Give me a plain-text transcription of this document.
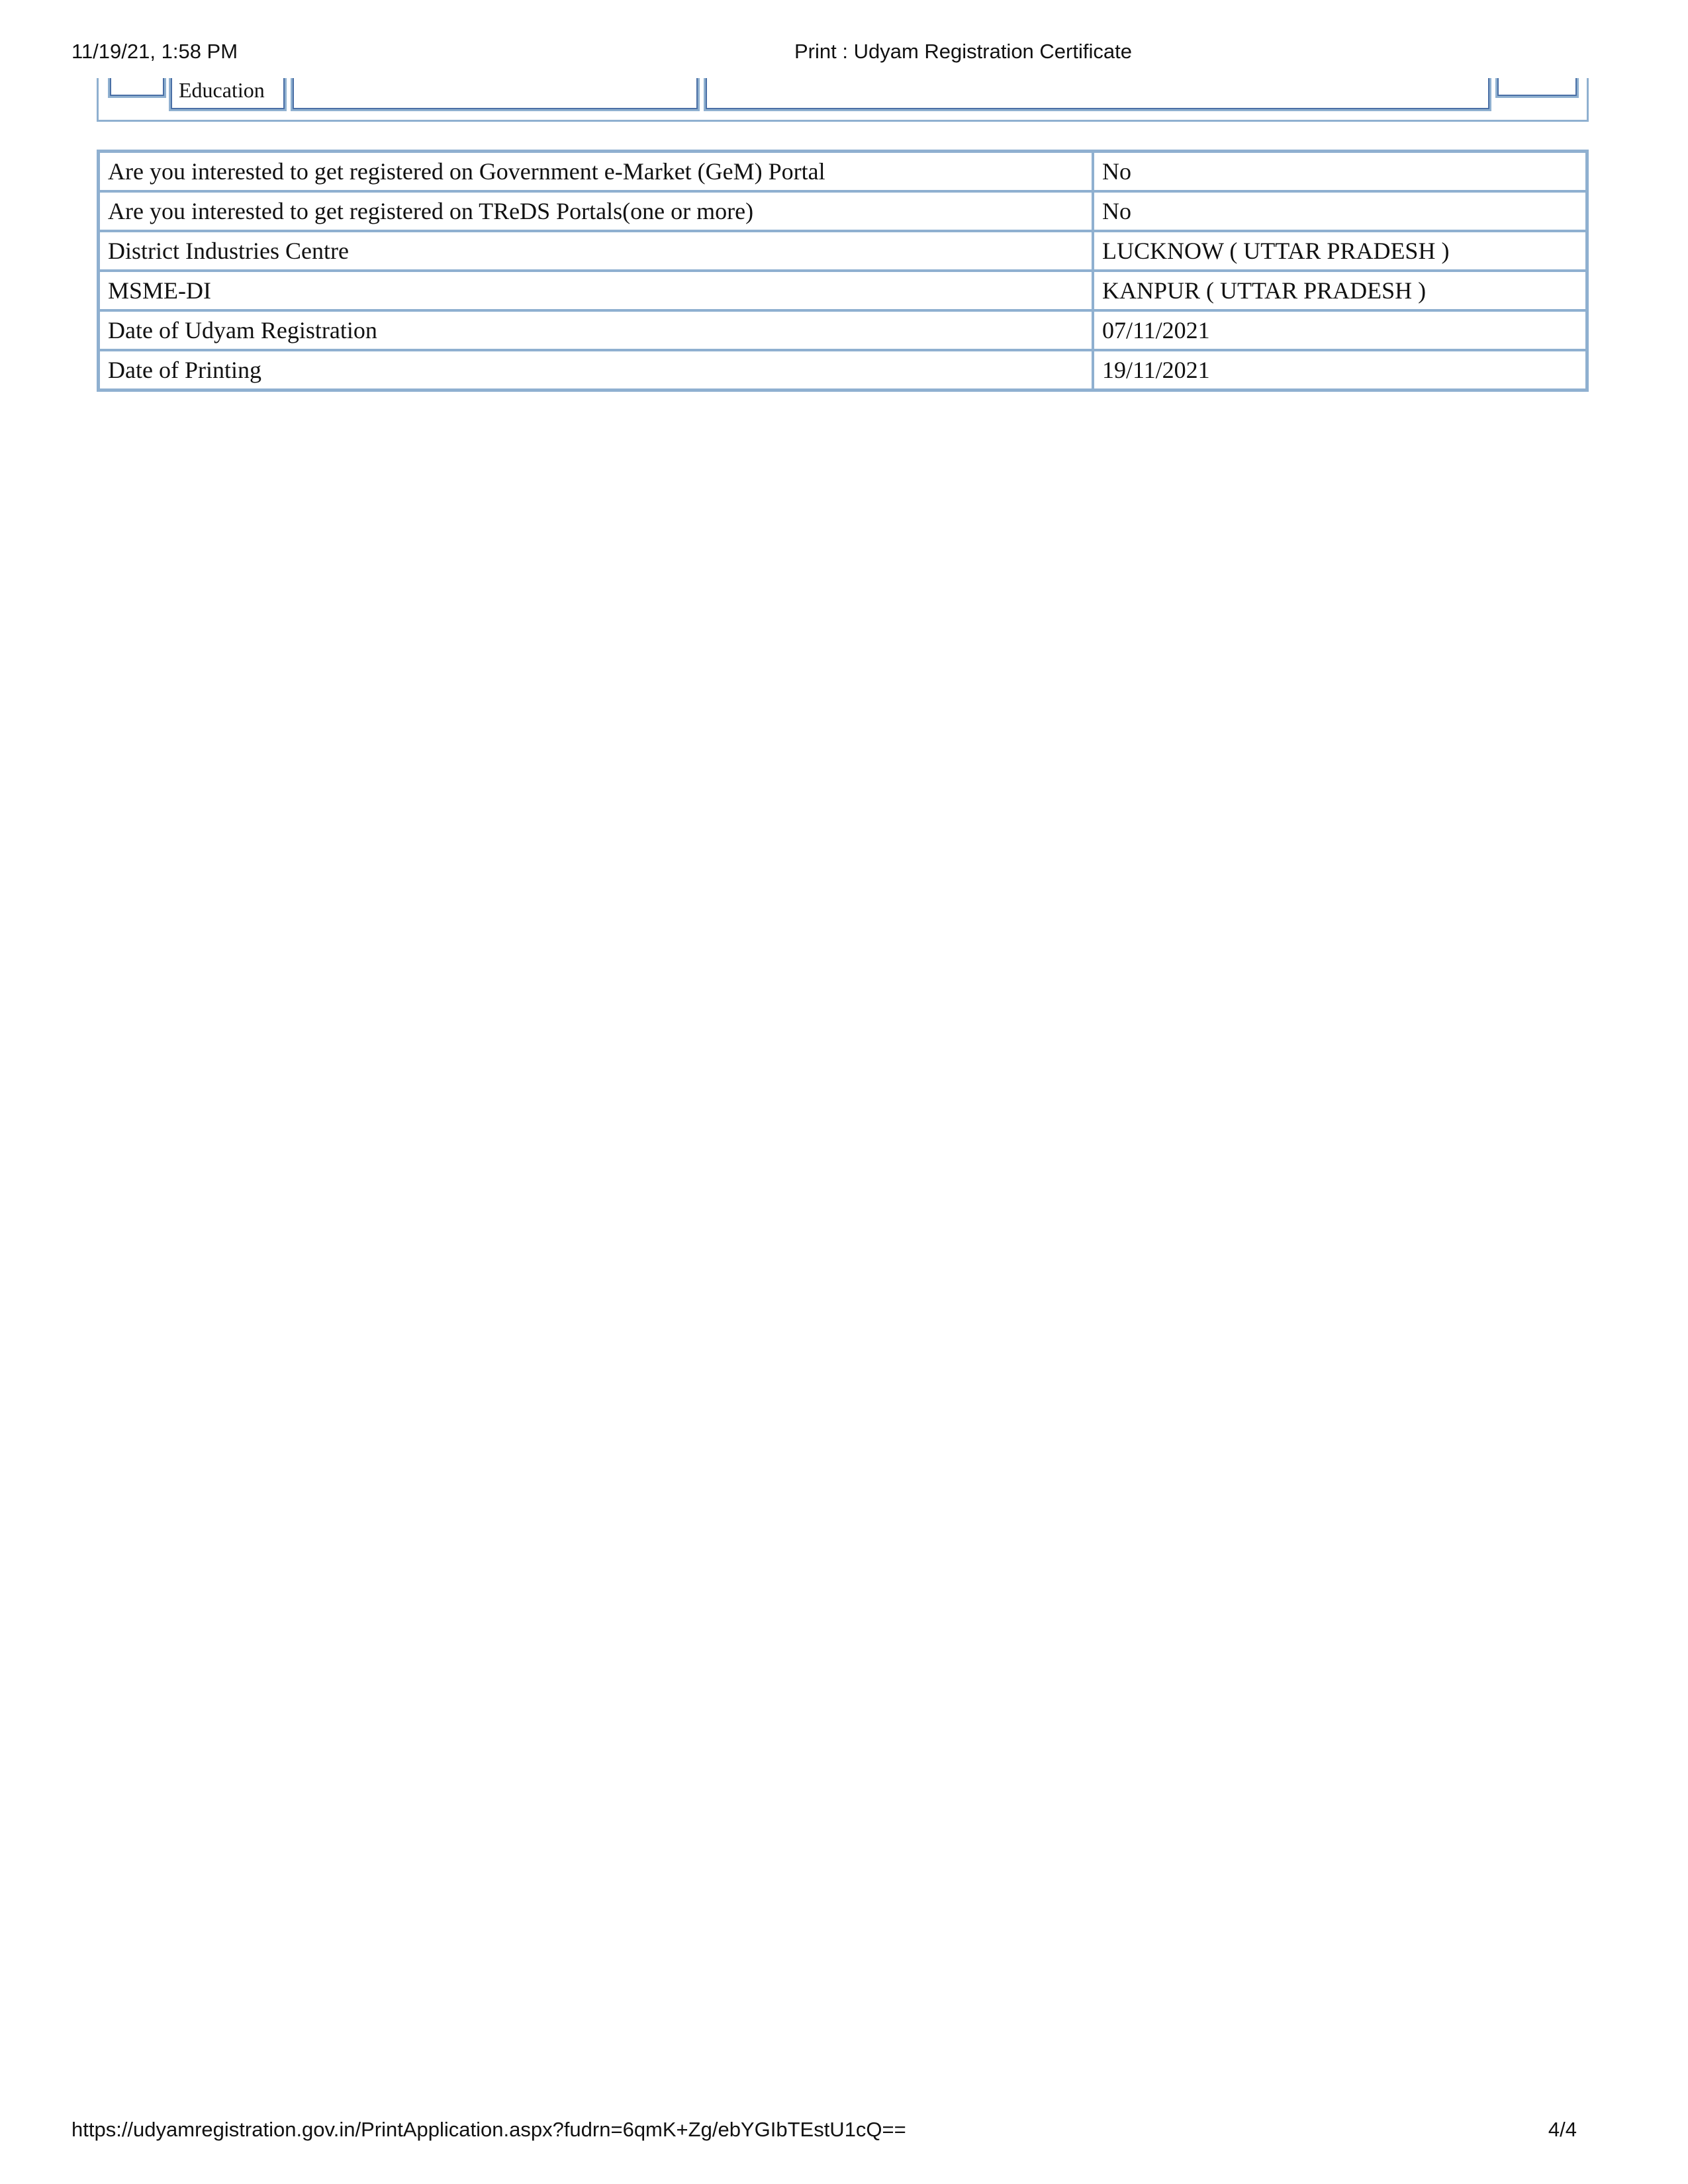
11/19/21, 1:58 PM	Print : Udyam Registration Certificate
Education
Are you interested to get registered on Government e-Market (GeM) Portal	No
Are you interested to get registered on TReDS Portals(one or more)	No
District Industries Centre	LUCKNOW ( UTTAR PRADESH )
MSME-DI	KANPUR ( UTTAR PRADESH )
Date of Udyam Registration	07/11/2021
Date of Printing	19/11/2021
https://udyamregistration.gov.in/PrintApplication.aspx?fudrn=6qmK+Zg/ebYGIbTEstU1cQ==	4/4
